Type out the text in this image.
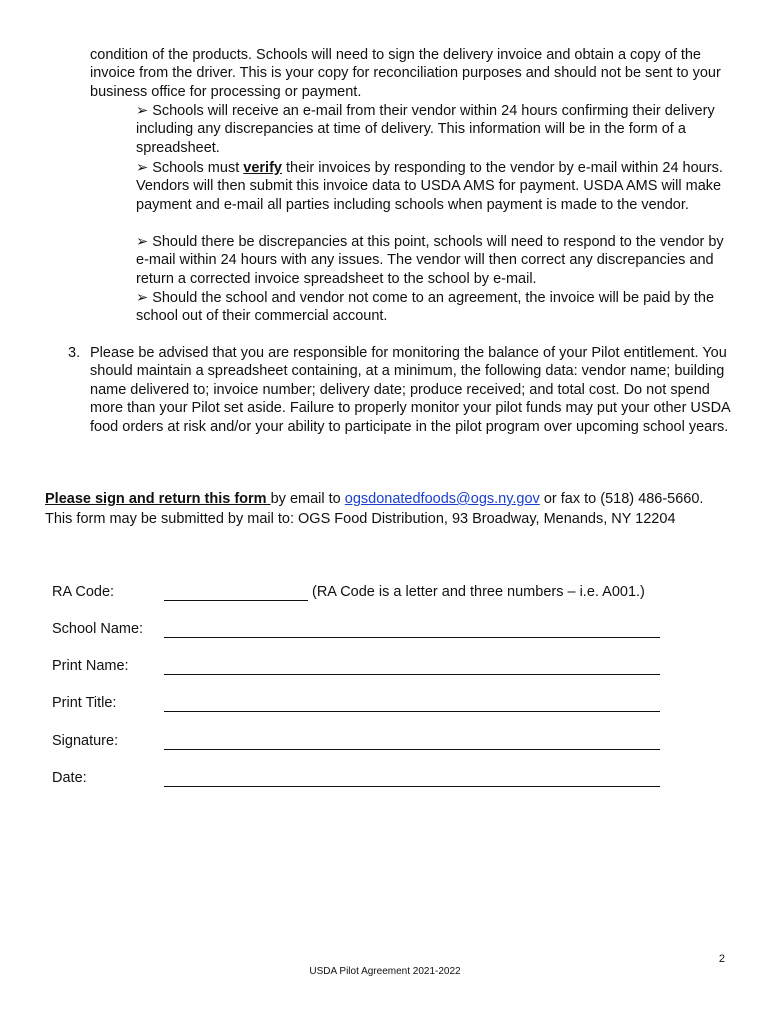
condition of the products. Schools will need to sign the delivery invoice and obtain a copy of the invoice from the driver. This is your copy for reconciliation purposes and should not be sent to your business office for processing or payment.

➢ Schools will receive an e-mail from their vendor within 24 hours confirming their delivery including any discrepancies at time of delivery. This information will be in the form of a spreadsheet.

➢ Schools must verify their invoices by responding to the vendor by e-mail within 24 hours. Vendors will then submit this invoice data to USDA AMS for payment. USDA AMS will make payment and e-mail all parties including schools when payment is made to the vendor.

➢ Should there be discrepancies at this point, schools will need to respond to the vendor by e-mail within 24 hours with any issues. The vendor will then correct any discrepancies and return a corrected invoice spreadsheet to the school by e-mail.

➢ Should the school and vendor not come to an agreement, the invoice will be paid by the school out of their commercial account.

3. Please be advised that you are responsible for monitoring the balance of your Pilot entitlement. You should maintain a spreadsheet containing, at a minimum, the following data: vendor name; building name delivered to; invoice number; delivery date; produce received; and total cost. Do not spend more than your Pilot set aside. Failure to properly monitor your pilot funds may put your other USDA food orders at risk and/or your ability to participate in the pilot program over upcoming school years.

Please sign and return this form by email to ogsdonatedfoods@ogs.ny.gov or fax to (518) 486-5660. This form may be submitted by mail to: OGS Food Distribution, 93 Broadway, Menands, NY 12204

RA Code:	(RA Code is a letter and three numbers – i.e. A001.)
School Name:
Print Name:
Print Title:
Signature:
Date:
2
USDA Pilot Agreement 2021-2022
